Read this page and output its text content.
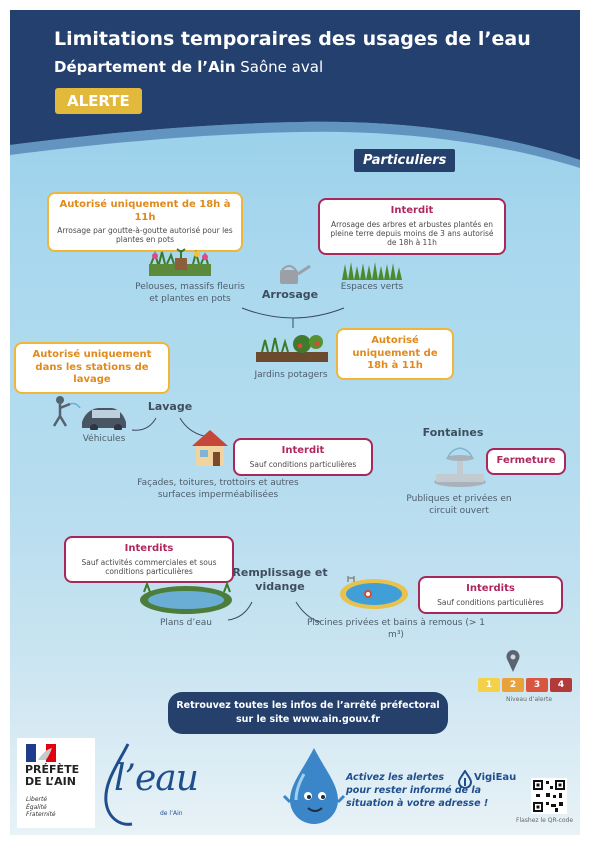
Limitations temporaires des usages de l’eau
Département de l’Ain Saône aval
ALERTE
Particuliers
Autorisé uniquement de 18h à 11h
Arrosage par goutte-à-goutte autorisé pour les plantes en pots
Pelouses, massifs fleuris et plantes en pots	Arrosage
Interdit
Arrosage des arbres et arbustes plantés en pleine terre depuis moins de 3 ans autorisé de 18h à 11h
Espaces verts
Jardins potagers
Autorisé uniquement de 18h à 11h
Autorisé uniquement dans les stations de lavage
Lavage
Véhicules
Interdit
Sauf conditions particulières
Façades, toitures, trottoirs et autres surfaces imperméabilisées
Fontaines
Fermeture
Publiques et privées en circuit ouvert
Interdits
Sauf activités commerciales et sous conditions particulières	Remplissage et vidange
Plans d’eau
Interdits
Sauf conditions particulières
Piscines privées et bains à remous (> 1 m³)
1	2	3	4
Niveau d’alerte
Retrouvez toutes les infos de l’arrêté préfectoral
sur le site www.ain.gouv.fr
PRÉFÈTE DE L’AIN
Liberté
Égalité
Fraternité
l’eau
de l’Ain
Activez les alertes
pour rester informé de la
situation à votre adresse !
VigiEau
Flashez le QR-code
